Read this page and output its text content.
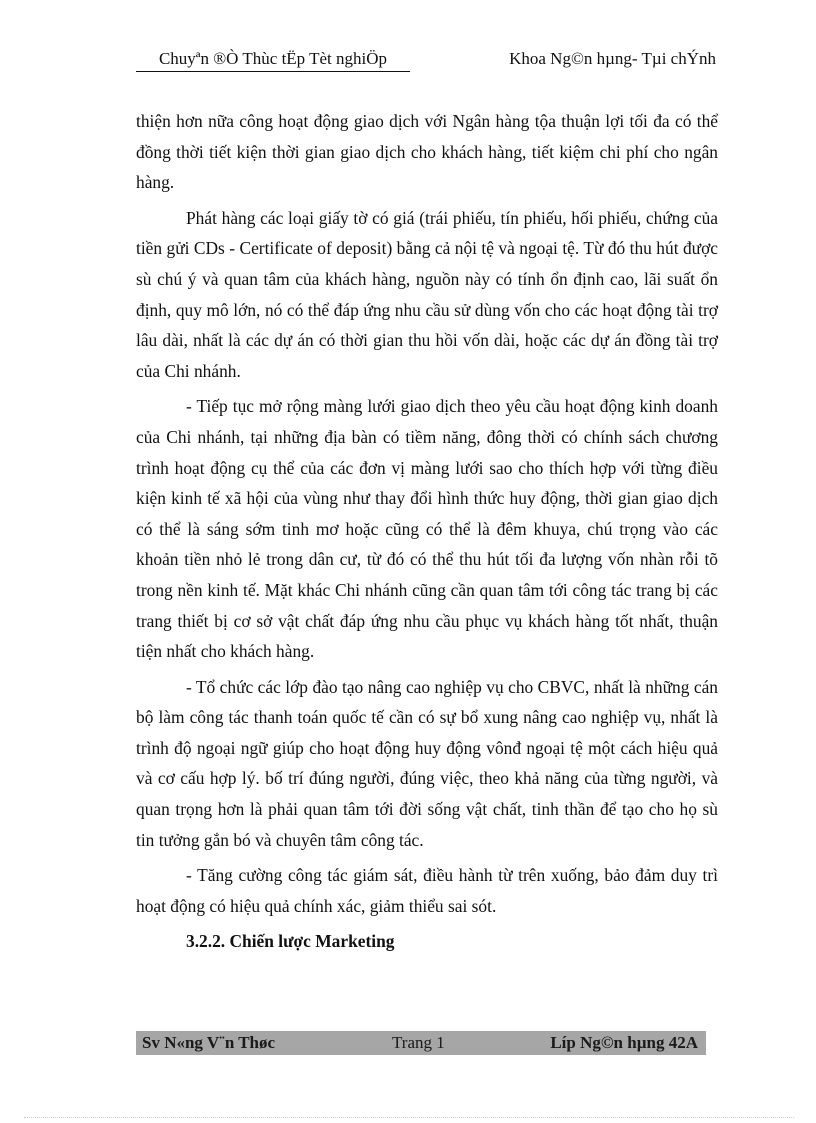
Chuyªn ®Ò Thùc tËp Tèt nghiÖp	Khoa Ng©n hµng- Tµi chÝnh

thiện hơn nữa công hoạt động giao dịch với Ngân hàng tộa thuận lợi tối đa có thể đồng thời tiết kiện thời gian giao dịch cho khách hàng, tiết kiệm chi phí cho ngân hàng.

Phát hàng các loại giấy tờ có giá (trái phiếu, tín phiếu, hối phiếu, chứng của tiền gửi CDs - Certificate of deposit) bằng cả nội tệ và ngoại tệ. Từ đó thu hút được sù chú ý và quan tâm của khách hàng, nguồn này có tính ổn định cao, lãi suất ổn định, quy mô lớn, nó có thể đáp ứng nhu cầu sử dùng vốn cho các hoạt động tài trợ lâu dài, nhất là các dự án có thời gian thu hồi vốn dài, hoặc các dự án đồng tài trợ của Chi nhánh.

- Tiếp tục mở rộng màng lưới giao dịch theo yêu cầu hoạt động kinh doanh của Chi nhánh, tại những địa bàn có tiềm năng, đông thời có chính sách chương trình hoạt động cụ thể của các đơn vị màng lưới sao cho thích hợp với từng điều kiện kinh tế xã hội của vùng như thay đổi hình thức huy động, thời gian giao dịch có thể là sáng sớm tinh mơ hoặc cũng có thể là đêm khuya, chú trọng vào các khoản tiền nhỏ lẻ trong dân cư, từ đó có thể thu hút tối đa lượng vốn nhàn rỗi tõ trong nền kinh tế. Mặt khác Chi nhánh cũng cần quan tâm tới công tác trang bị các trang thiết bị cơ sở vật chất đáp ứng nhu cầu phục vụ khách hàng tốt nhất, thuận tiện nhất cho khách hàng.

- Tổ chức các lớp đào tạo nâng cao nghiệp vụ cho CBVC, nhất là những cán bộ làm công tác thanh toán quốc tế cần có sự bổ xung nâng cao nghiệp vụ, nhất là trình độ ngoại ngữ giúp cho hoạt động huy động vônđ ngoại tệ một cách hiệu quả và cơ cấu hợp lý. bố trí đúng người, đúng việc, theo khả năng của từng người, và quan trọng hơn là phải quan tâm tới đời sống vật chất, tinh thần để tạo cho họ sù tin tưởng gắn bó và chuyên tâm công tác.

- Tăng cường công tác giám sát, điều hành từ trên xuống, bảo đảm duy trì hoạt động có hiệu quả chính xác, giảm thiểu sai sót.

3.2.2. Chiến lược Marketing

Sv N«ng V¨n Thøc	Trang 1	Líp Ng©n hµng 42A
